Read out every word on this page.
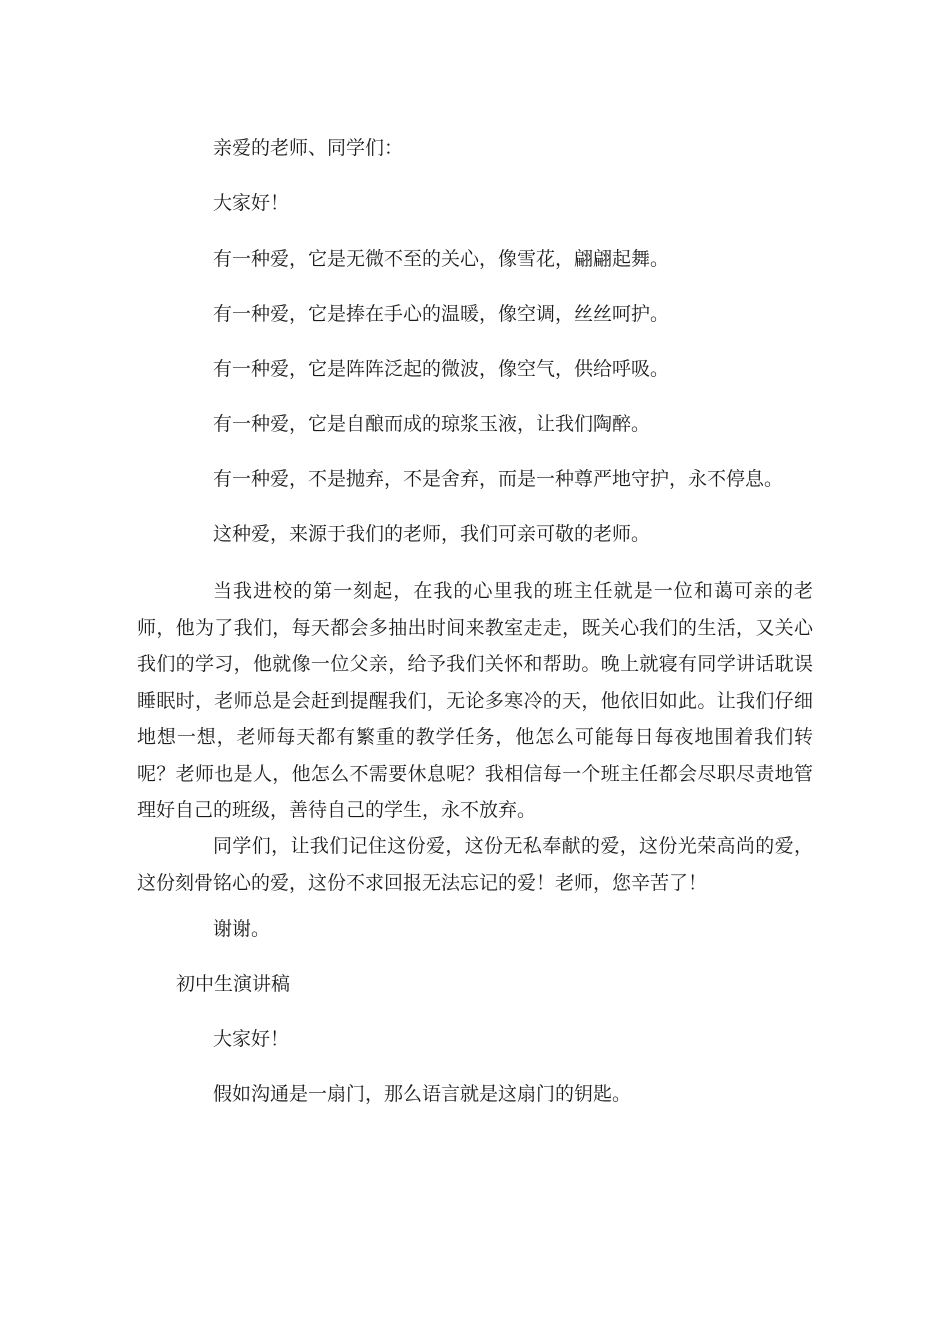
亲爱的老师、同学们：

大家好！

有一种爱，它是无微不至的关心，像雪花，翩翩起舞。

有一种爱，它是捧在手心的温暖，像空调，丝丝呵护。

有一种爱，它是阵阵泛起的微波，像空气，供给呼吸。

有一种爱，它是自酿而成的琼浆玉液，让我们陶醉。

有一种爱，不是抛弃，不是舍弃，而是一种尊严地守护，永不停息。

这种爱，来源于我们的老师，我们可亲可敬的老师。

当我进校的第一刻起，在我的心里我的班主任就是一位和蔼可亲的老师，他为了我们，每天都会多抽出时间来教室走走，既关心我们的生活，又关心我们的学习，他就像一位父亲，给予我们关怀和帮助。晚上就寝有同学讲话耽误睡眠时，老师总是会赶到提醒我们，无论多寒冷的天，他依旧如此。让我们仔细地想一想，老师每天都有繁重的教学任务，他怎么可能每日每夜地围着我们转呢？老师也是人，他怎么不需要休息呢？我相信每一个班主任都会尽职尽责地管理好自己的班级，善待自己的学生，永不放弃。

同学们，让我们记住这份爱，这份无私奉献的爱，这份光荣高尚的爱，这份刻骨铭心的爱，这份不求回报无法忘记的爱！老师，您辛苦了！

谢谢。

初中生演讲稿

大家好！

假如沟通是一扇门，那么语言就是这扇门的钥匙。
